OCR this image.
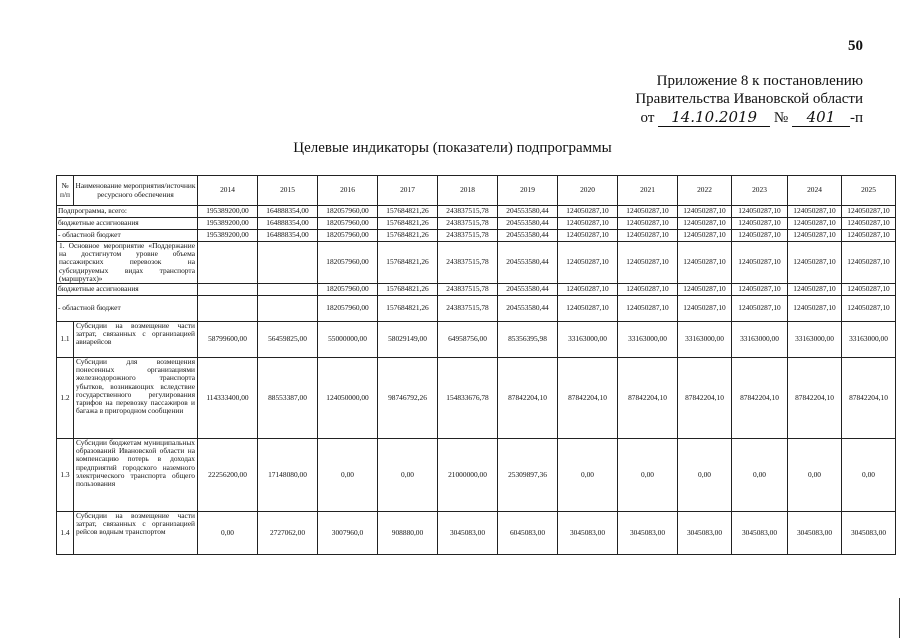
50
Приложение 8 к постановлению
Правительства Ивановской области
от 14.10.2019 № 401 -п
Целевые индикаторы (показатели) подпрограммы
№ п/п	Наименование мероприятия/источник ресурсного обеспечения	2014	2015	2016	2017	2018	2019	2020	2021	2022	2023	2024	2025
Подпрограмма, всего:		195389200,00	164888354,00	182057960,00	157684821,26	243837515,78	204553580,44	124050287,10	124050287,10	124050287,10	124050287,10	124050287,10	124050287,10
бюджетные ассигнования		195389200,00	164888354,00	182057960,00	157684821,26	243837515,78	204553580,44	124050287,10	124050287,10	124050287,10	124050287,10	124050287,10	124050287,10
- областной бюджет		195389200,00	164888354,00	182057960,00	157684821,26	243837515,78	204553580,44	124050287,10	124050287,10	124050287,10	124050287,10	124050287,10	124050287,10
1. Основное мероприятие «Поддержание на достигнутом уровне объема пассажирских перевозок на субсидируемых видах транспорта (маршрутах)»				182057960,00	157684821,26	243837515,78	204553580,44	124050287,10	124050287,10	124050287,10	124050287,10	124050287,10	124050287,10
бюджетные ассигнования				182057960,00	157684821,26	243837515,78	204553580,44	124050287,10	124050287,10	124050287,10	124050287,10	124050287,10	124050287,10
- областной бюджет				182057960,00	157684821,26	243837515,78	204553580,44	124050287,10	124050287,10	124050287,10	124050287,10	124050287,10	124050287,10
1.1	Субсидии на возмещение части затрат, связанных с организацией авиарейсов	58799600,00	56459825,00	55000000,00	58029149,00	64958756,00	85356395,98	33163000,00	33163000,00	33163000,00	33163000,00	33163000,00	33163000,00
1.2	Субсидии для возмещения понесенных организациями железнодорожного транспорта убытков, возникающих вследствие государственного регулирования тарифов на перевозку пассажиров и багажа в пригородном сообщении	114333400,00	88553387,00	124050000,00	98746792,26	154833676,78	87842204,10	87842204,10	87842204,10	87842204,10	87842204,10	87842204,10	87842204,10
1.3	Субсидии бюджетам муниципальных образований Ивановской области на компенсацию потерь в доходах предприятий городского наземного электрического транспорта общего пользования	22256200,00	17148080,00	0,00	0,00	21000000,00	25309897,36	0,00	0,00	0,00	0,00	0,00	0,00
1.4	Субсидии на возмещение части затрат, связанных с организацией рейсов водным транспортом	0,00	2727062,00	3007960,0	908880,00	3045083,00	6045083,00	3045083,00	3045083,00	3045083,00	3045083,00	3045083,00	3045083,00
